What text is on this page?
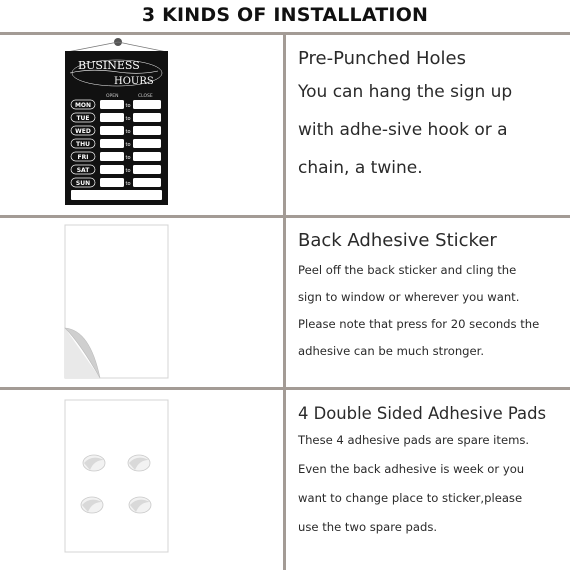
3 KINDS OF INSTALLATION
BUSINESS
HOURS
OPEN	CLOSE
MON	to
TUE	to
WED	to
THU	to
FRI	to
SAT	to
SUN	to
Pre-Punched Holes
You can hang the sign up
with adhe-sive hook or a
chain, a twine.
Back Adhesive Sticker
Peel off the back sticker and cling the
sign to window or wherever you want.
Please note that press for 20 seconds the
adhesive can be much stronger.
4 Double Sided Adhesive Pads
These 4 adhesive pads are spare items.
Even the back adhesive is week or you
want to change place to sticker,please
use the two spare pads.
